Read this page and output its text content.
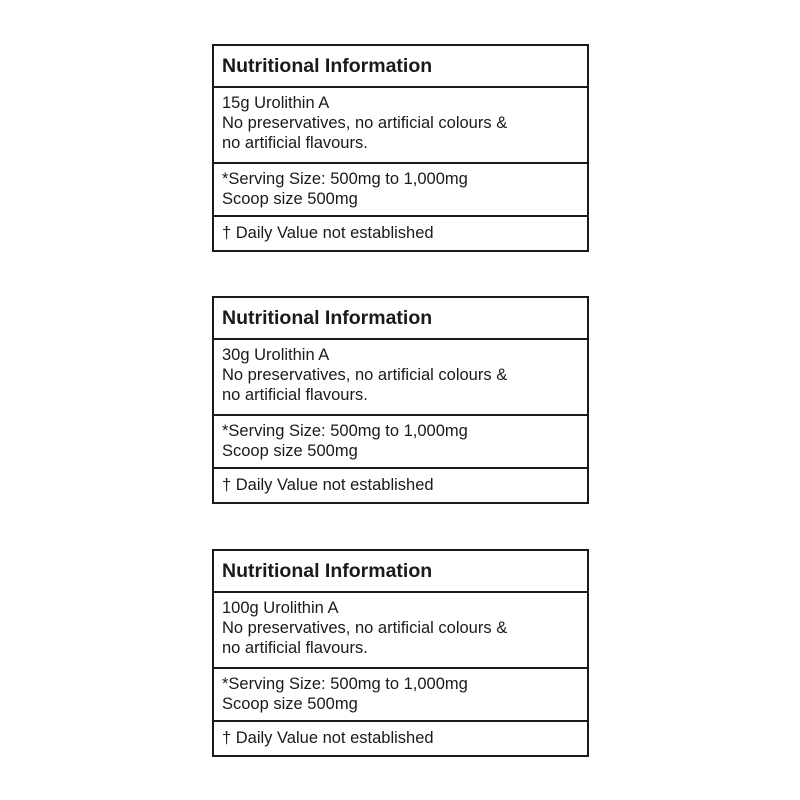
Nutritional Information
15g Urolithin A
No preservatives, no artificial colours &
no artificial flavours.
*Serving Size: 500mg to 1,000mg
Scoop size 500mg
† Daily Value not established
Nutritional Information
30g Urolithin A
No preservatives, no artificial colours &
no artificial flavours.
*Serving Size: 500mg to 1,000mg
Scoop size 500mg
† Daily Value not established
Nutritional Information
100g Urolithin A
No preservatives, no artificial colours &
no artificial flavours.
*Serving Size: 500mg to 1,000mg
Scoop size 500mg
† Daily Value not established
